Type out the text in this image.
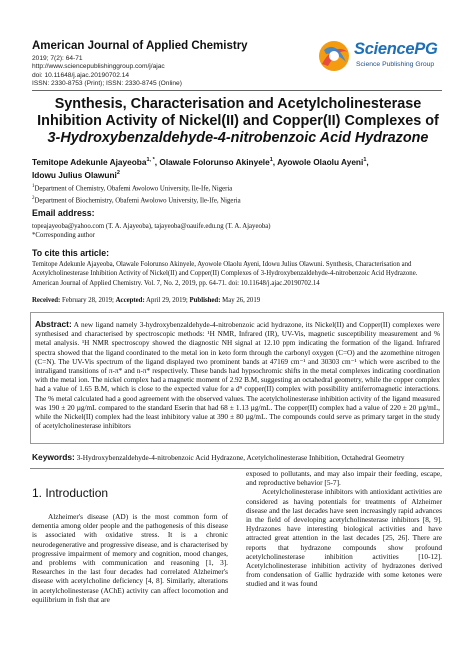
American Journal of Applied Chemistry
2019; 7(2): 64-71
http://www.sciencepublishinggroup.com/j/ajac
doi: 10.11648/j.ajac.20190702.14
ISSN: 2330-8753 (Print); ISSN: 2330-8745 (Online)
SciencePG
Science Publishing Group
Synthesis, Characterisation and Acetylcholinesterase
Inhibition Activity of Nickel(II) and Copper(II) Complexes of
3-Hydroxybenzaldehyde-4-nitrobenzoic Acid Hydrazone
Temitope Adekunle Ajayeoba$^{1, *}$, Olawale Folorunso Akinyele$^1$, Ayowole Olaolu Ayeni$^1$,
Idowu Julius Olawuni$^2$
$^1$Department of Chemistry, Obafemi Awolowo University, Ile-Ife, Nigeria
$^2$Department of Biochemistry, Obafemi Awolowo University, Ile-Ife, Nigeria
Email address:
topeajayeoba@yahoo.com (T. A. Ajayeoba), tajayeoba@oauife.edu.ng (T. A. Ajayeoba)
*Corresponding author
To cite this article:
Temitope Adekunle Ajayeoba, Olawale Folorunso Akinyele, Ayowole Olaolu Ayeni, Idowu Julius Olawuni. Synthesis, Characterisation and Acetylcholinesterase Inhibition Activity of Nickel(II) and Copper(II) Complexes of 3-Hydroxybenzaldehyde-4-nitrobenzoic Acid Hydrazone. American Journal of Applied Chemistry. Vol. 7, No. 2, 2019, pp. 64-71. doi: 10.11648/j.ajac.20190702.14
Received: February 28, 2019; Accepted: April 29, 2019; Published: May 26, 2019
Abstract: A new ligand namely 3-hydroxybenzaldehyde-4-nitrobenzoic acid hydrazone, its Nickel(II) and Copper(II) complexes were synthesised and characterised by spectroscopic methods: ¹H NMR, Infrared (IR), UV-Vis, magnetic susceptibility measurement and % metal analysis. ¹H NMR spectroscopy showed the diagnostic NH signal at 12.10 ppm indicating the formation of the ligand. Infrared spectra showed that the ligand coordinated to the metal ion in keto form through the carbonyl oxygen (C=O) and the azomethine nitrogen (C=N). The UV-Vis spectrum of the ligand displayed two prominent bands at 47169 cm⁻¹ and 30303 cm⁻¹ which were ascribed to the intraligand transitions of π-π* and n-π* respectively. These bands had hypsochromic shifts in the metal complexes indicating coordination with the metal ion. The nickel complex had a magnetic moment of 2.92 B.M, suggesting an octahedral geometry, while the copper complex had a value of 1.65 B.M, which is close to the expected value for a d⁹ copper(II) complex with possibility antiferromagnetic interactions. The % metal calculated had a good agreement with the observed values. The acetylcholinesterase inhibition activity of the ligand measured was 190 ± 20 µg/mL compared to the standard Eserin that had 68 ± 1.13 µg/mL. The copper(II) complex had a value of 220 ± 20 µg/mL, while the Nickel(II) complex had the least inhibitory value at 390 ± 80 µg/mL. The compounds could serve as primary target in the study of acetylcholinesterase inhibitors
Keywords: 3-Hydroxybenzaldehyde-4-nitrobenzoic Acid Hydrazone, Acetylcholinesterase Inhibition, Octahedral Geometry
1. Introduction
Alzheimer's disease (AD) is the most common form of dementia among older people and the pathogenesis of this disease is associated with oxidative stress. It is a chronic neurodegenerative and progressive disease, and is characterised by progressive impairment of memory and cognition, mood changes, and problems with communication and reasoning [1, 3]. Researches in the last four decades had correlated Alzheimer's disease with acetylcholine deficiency [4, 8]. Similarly, alterations in acetylcholinesterase (AChE) activity can affect locomotion and equilibrium in fish that are
exposed to pollutants, and may also impair their feeding, escape, and reproductive behavior [5-7].
Acetylcholinesterase inhibitors with antioxidant activities are considered as having potentials for treatments of Alzheimer disease and the last decades have seen increasingly rapid advances in the field of developing acetylcholinesterase inhibitors [8, 9]. Hydrazones have interesting biological activities and have attracted great attention in the last decades [25, 26]. There are reports that hydrazone compounds show profound acetylcholinesterase inhibition activities [10-12]. Acetylcholinesterase inhibition activity of hydrazones derived from condensation of Gallic hydrazide with some ketones were studied and it was found
